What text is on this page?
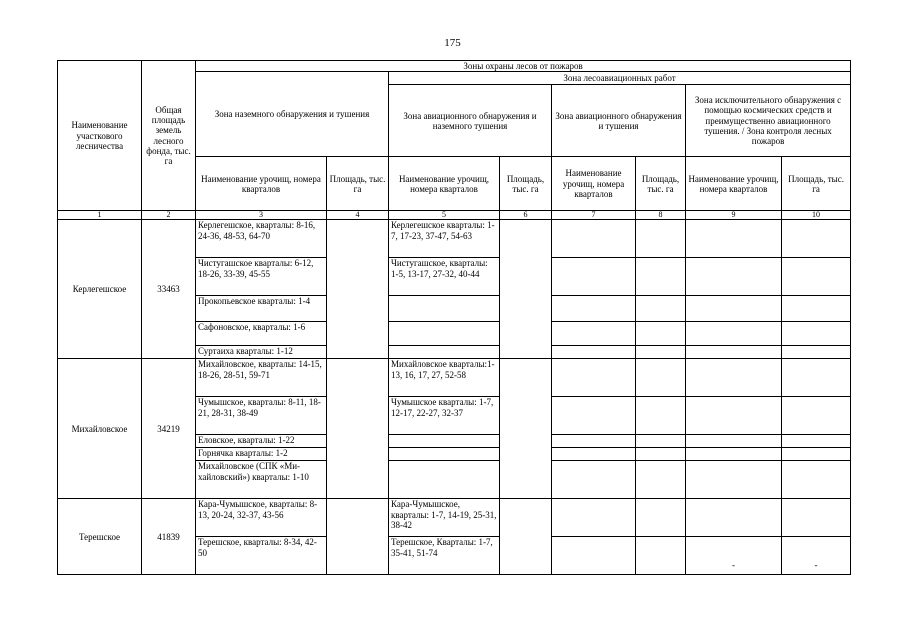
175
Наименование участкового лесничества	Общая площадь земель лесного фонда, тыс. га	Зоны охраны лесов от пожаров							
		Зона наземного обнаружения и тушения		Зона лесоавиационных работ					
				Зона авиационного обнаружения и наземного тушения		Зона авиационного обнаружения и тушения		Зона исключительного обнаружения с помощью космических средств и преимущественно авиационного тушения. / Зона контроля лесных пожаров	
		Наименование урочищ, номера кварталов	Площадь, тыс. га	Наименование урочищ, номера кварталов	Площадь, тыс. га	Наименование урочищ, номера кварталов	Площадь, тыс. га	Наименование урочищ, номера кварталов	Площадь, тыс. га
1	2	3	4	5	6	7	8	9	10
Керлегешское	33463	Керлегешское, кварталы: 8-16, 24-36, 48-53, 64-70		Керлегешское кварталы: 1-7, 17-23, 37-47, 54-63					
		Чистугашское кварталы: 6-12, 18-26, 33-39, 45-55		Чистугашское, кварталы: 1-5, 13-17, 27-32, 40-44					
		Прокопьевское кварталы: 1-4							
		Сафоновское, кварталы: 1-6							
		Суртаиха кварталы: 1-12							
Михайловское	34219	Михайловское, кварталы: 14-15, 18-26, 28-51, 59-71		Михайловское кварталы:1-13, 16, 17, 27, 52-58					
		Чумышское, кварталы: 8-11, 18-21, 28-31, 38-49		Чумышское кварталы: 1-7, 12-17, 22-27, 32-37					
		Еловское, кварталы: 1-22							
		Горнячка кварталы: 1-2							
		Михайловское (СПК «Ми-хайловский») кварталы: 1-10							
Терешское	41839	Кара-Чумышское, кварталы: 8-13, 20-24, 32-37, 43-56		Кара-Чумышское, кварталы: 1-7, 14-19, 25-31, 38-42					
		Терешское, кварталы: 8-34, 42-50		Терешское, Кварталы: 1-7, 35-41, 51-74				-	-
